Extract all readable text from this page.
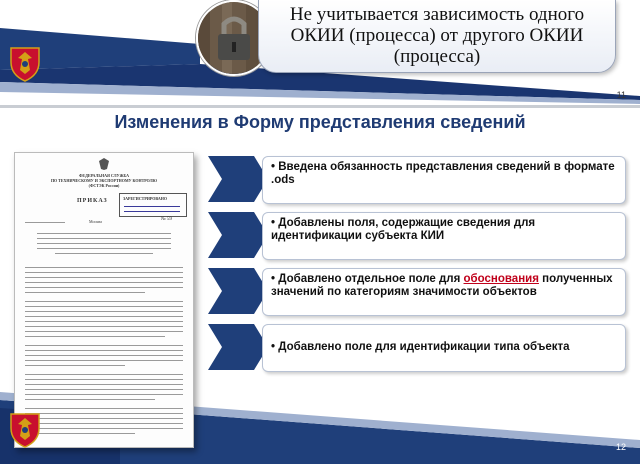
Не учитывается зависимость одного
ОКИИ (процесса) от другого ОКИИ
(процесса)
11
Изменения в Форму представления сведений
ФЕДЕРАЛЬНАЯ СЛУЖБА
ПО ТЕХНИЧЕСКОМУ И ЭКСПОРТНОМУ КОНТРОЛЮ
(ФСТЭК России)
ПРИКАЗ	ЗАРЕГИСТРИРОВАНО
Москва	№ 59
• Введена обязанность представления сведений в формате .ods
• Добавлены поля, содержащие сведения для идентификации субъекта КИИ
• Добавлено отдельное поле для обоснования полученных значений по категориям значимости объектов
• Добавлено поле для идентификации типа объекта
12
